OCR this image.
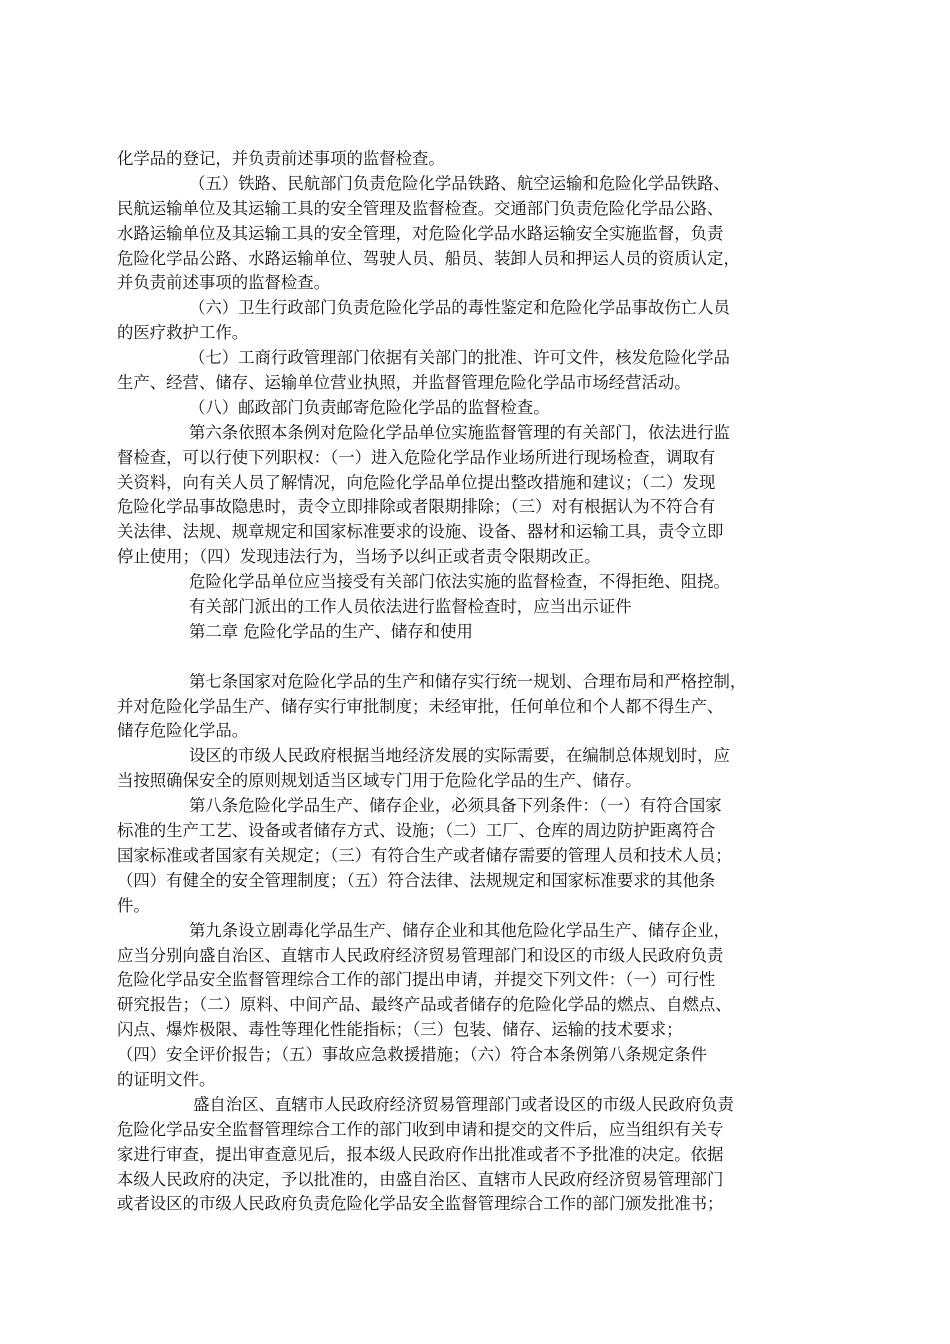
化学品的登记，并负责前述事项的监督检查。
（五）铁路、民航部门负责危险化学品铁路、航空运输和危险化学品铁路、
民航运输单位及其运输工具的安全管理及监督检查。交通部门负责危险化学品公路、
水路运输单位及其运输工具的安全管理，对危险化学品水路运输安全实施监督，负责
危险化学品公路、水路运输单位、驾驶人员、船员、装卸人员和押运人员的资质认定，
并负责前述事项的监督检查。
（六）卫生行政部门负责危险化学品的毒性鉴定和危险化学品事故伤亡人员
的医疗救护工作。
（七）工商行政管理部门依据有关部门的批准、许可文件，核发危险化学品
生产、经营、储存、运输单位营业执照，并监督管理危险化学品市场经营活动。
（八）邮政部门负责邮寄危险化学品的监督检查。
第六条依照本条例对危险化学品单位实施监督管理的有关部门，依法进行监
督检查，可以行使下列职权：（一）进入危险化学品作业场所进行现场检查，调取有
关资料，向有关人员了解情况，向危险化学品单位提出整改措施和建议；（二）发现
危险化学品事故隐患时，责令立即排除或者限期排除；（三）对有根据认为不符合有
关法律、法规、规章规定和国家标准要求的设施、设备、器材和运输工具，责令立即
停止使用；（四）发现违法行为，当场予以纠正或者责令限期改正。
危险化学品单位应当接受有关部门依法实施的监督检查，不得拒绝、阻挠。
有关部门派出的工作人员依法进行监督检查时，应当出示证件
第二章 危险化学品的生产、储存和使用
第七条国家对危险化学品的生产和储存实行统一规划、合理布局和严格控制，
并对危险化学品生产、储存实行审批制度；未经审批，任何单位和个人都不得生产、
储存危险化学品。
设区的市级人民政府根据当地经济发展的实际需要，在编制总体规划时，应
当按照确保安全的原则规划适当区域专门用于危险化学品的生产、储存。
第八条危险化学品生产、储存企业，必须具备下列条件：（一）有符合国家
标准的生产工艺、设备或者储存方式、设施；（二）工厂、仓库的周边防护距离符合
国家标准或者国家有关规定；（三）有符合生产或者储存需要的管理人员和技术人员；
（四）有健全的安全管理制度；（五）符合法律、法规规定和国家标准要求的其他条
件。
第九条设立剧毒化学品生产、储存企业和其他危险化学品生产、储存企业，
应当分别向盛自治区、直辖市人民政府经济贸易管理部门和设区的市级人民政府负责
危险化学品安全监督管理综合工作的部门提出申请，并提交下列文件：（一）可行性
研究报告；（二）原料、中间产品、最终产品或者储存的危险化学品的燃点、自燃点、
闪点、爆炸极限、毒性等理化性能指标；（三）包装、储存、运输的技术要求；
（四）安全评价报告；（五）事故应急救援措施；（六）符合本条例第八条规定条件
的证明文件。
盛自治区、直辖市人民政府经济贸易管理部门或者设区的市级人民政府负责
危险化学品安全监督管理综合工作的部门收到申请和提交的文件后，应当组织有关专
家进行审查，提出审查意见后，报本级人民政府作出批准或者不予批准的决定。依据
本级人民政府的决定，予以批准的，由盛自治区、直辖市人民政府经济贸易管理部门
或者设区的市级人民政府负责危险化学品安全监督管理综合工作的部门颁发批准书；
